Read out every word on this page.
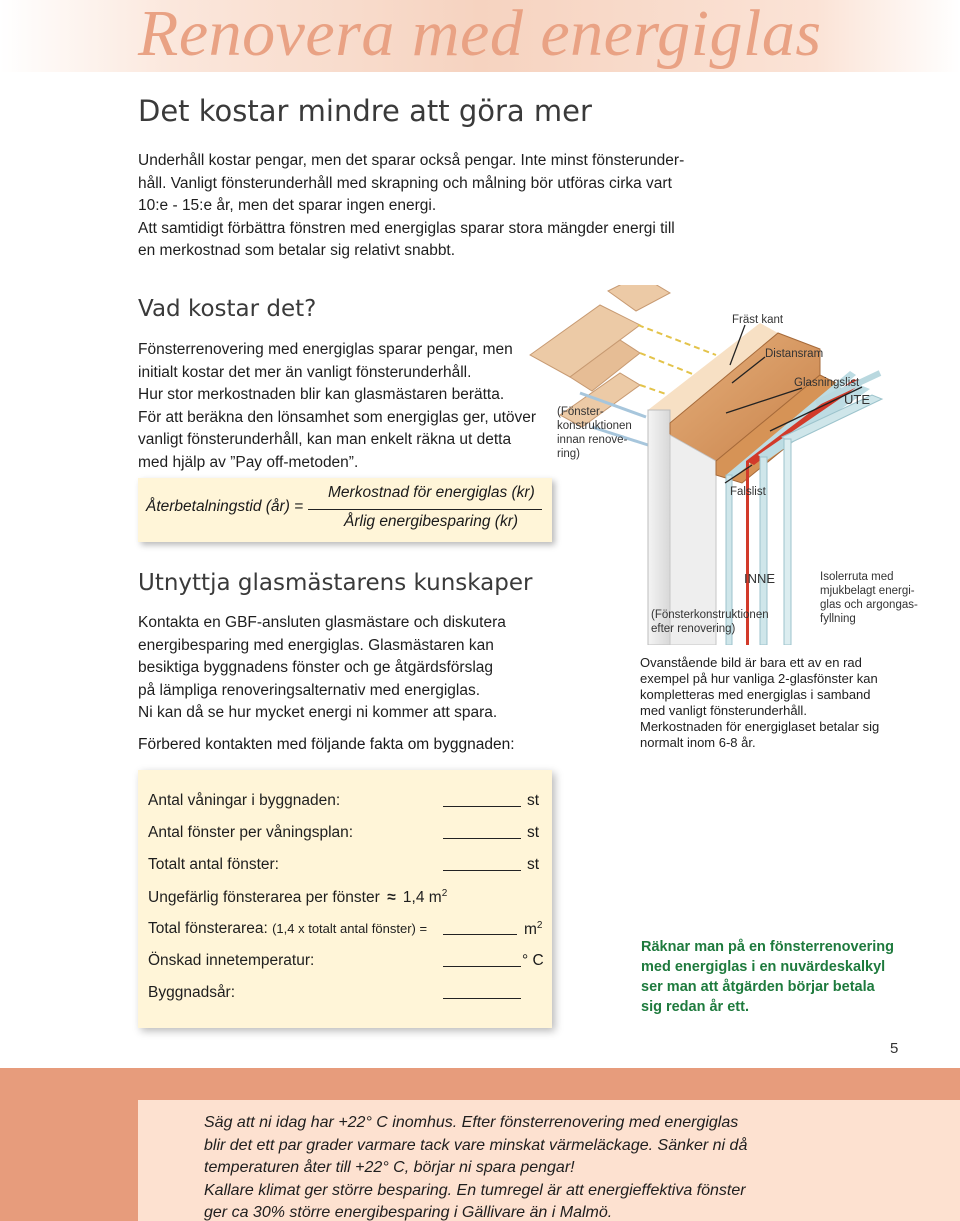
Renovera med energiglas
Det kostar mindre att göra mer
Underhåll kostar pengar, men det sparar också pengar. Inte minst fönsterunder-
håll. Vanligt fönsterunderhåll med skrapning och målning bör utföras cirka vart
10:e - 15:e år, men det sparar ingen energi.
Att samtidigt förbättra fönstren med energiglas sparar stora mängder energi till
en merkostnad som betalar sig relativt snabbt.
Vad kostar det?
Fönsterrenovering med energiglas sparar pengar, men
initialt kostar det mer än vanligt fönsterunderhåll.
Hur stor merkostnaden blir kan glasmästaren berätta.
För att beräkna den lönsamhet som energiglas ger, utöver
vanligt fönsterunderhåll, kan man enkelt räkna ut detta
med hjälp av ”Pay off-metoden”.
Återbetalningstid (år) =
Merkostnad för energiglas (kr)
Årlig energibesparing (kr)
Fräst kant
Distansram
Glasningslist
UTE
(Fönster-
konstruktionen
innan renove-
ring)
Falslist
INNE	Isolerruta med
mjukbelagt energi-
glas och argongas-
fyllning
(Fönsterkonstruktionen
efter renovering)
Ovanstående bild är bara ett av en rad
exempel på hur vanliga 2-glasfönster kan
kompletteras med energiglas i samband
med vanligt fönsterunderhåll.
Merkostnaden för energiglaset betalar sig
normalt inom 6-8 år.
Utnyttja glasmästarens kunskaper
Kontakta en GBF-ansluten glasmästare och diskutera
energibesparing med energiglas. Glasmästaren kan
besiktiga byggnadens fönster och ge åtgärdsförslag
på lämpliga renoveringsalternativ med energiglas.
Ni kan då se hur mycket energi ni kommer att spara.
Förbered kontakten med följande fakta om byggnaden:
Antal våningar i byggnaden:	st
Antal fönster per våningsplan:	st
Totalt antal fönster:	st
Ungefärlig fönsterarea per fönster ≈ 1,4 $m^2$
Total fönsterarea: (1,4 x totalt antal fönster) =	$m^2$
Önskad innetemperatur:	° C
Byggnadsår:
Räknar man på en fönsterrenovering
med energiglas i en nuvärdeskalkyl
ser man att åtgärden börjar betala
sig redan år ett.
5
Säg att ni idag har +22° C inomhus. Efter fönsterrenovering med energiglas
blir det ett par grader varmare tack vare minskat värmeläckage. Sänker ni då
temperaturen åter till +22° C, börjar ni spara pengar!
Kallare klimat ger större besparing. En tumregel är att energieffektiva fönster
ger ca 30% större energibesparing i Gällivare än i Malmö.
